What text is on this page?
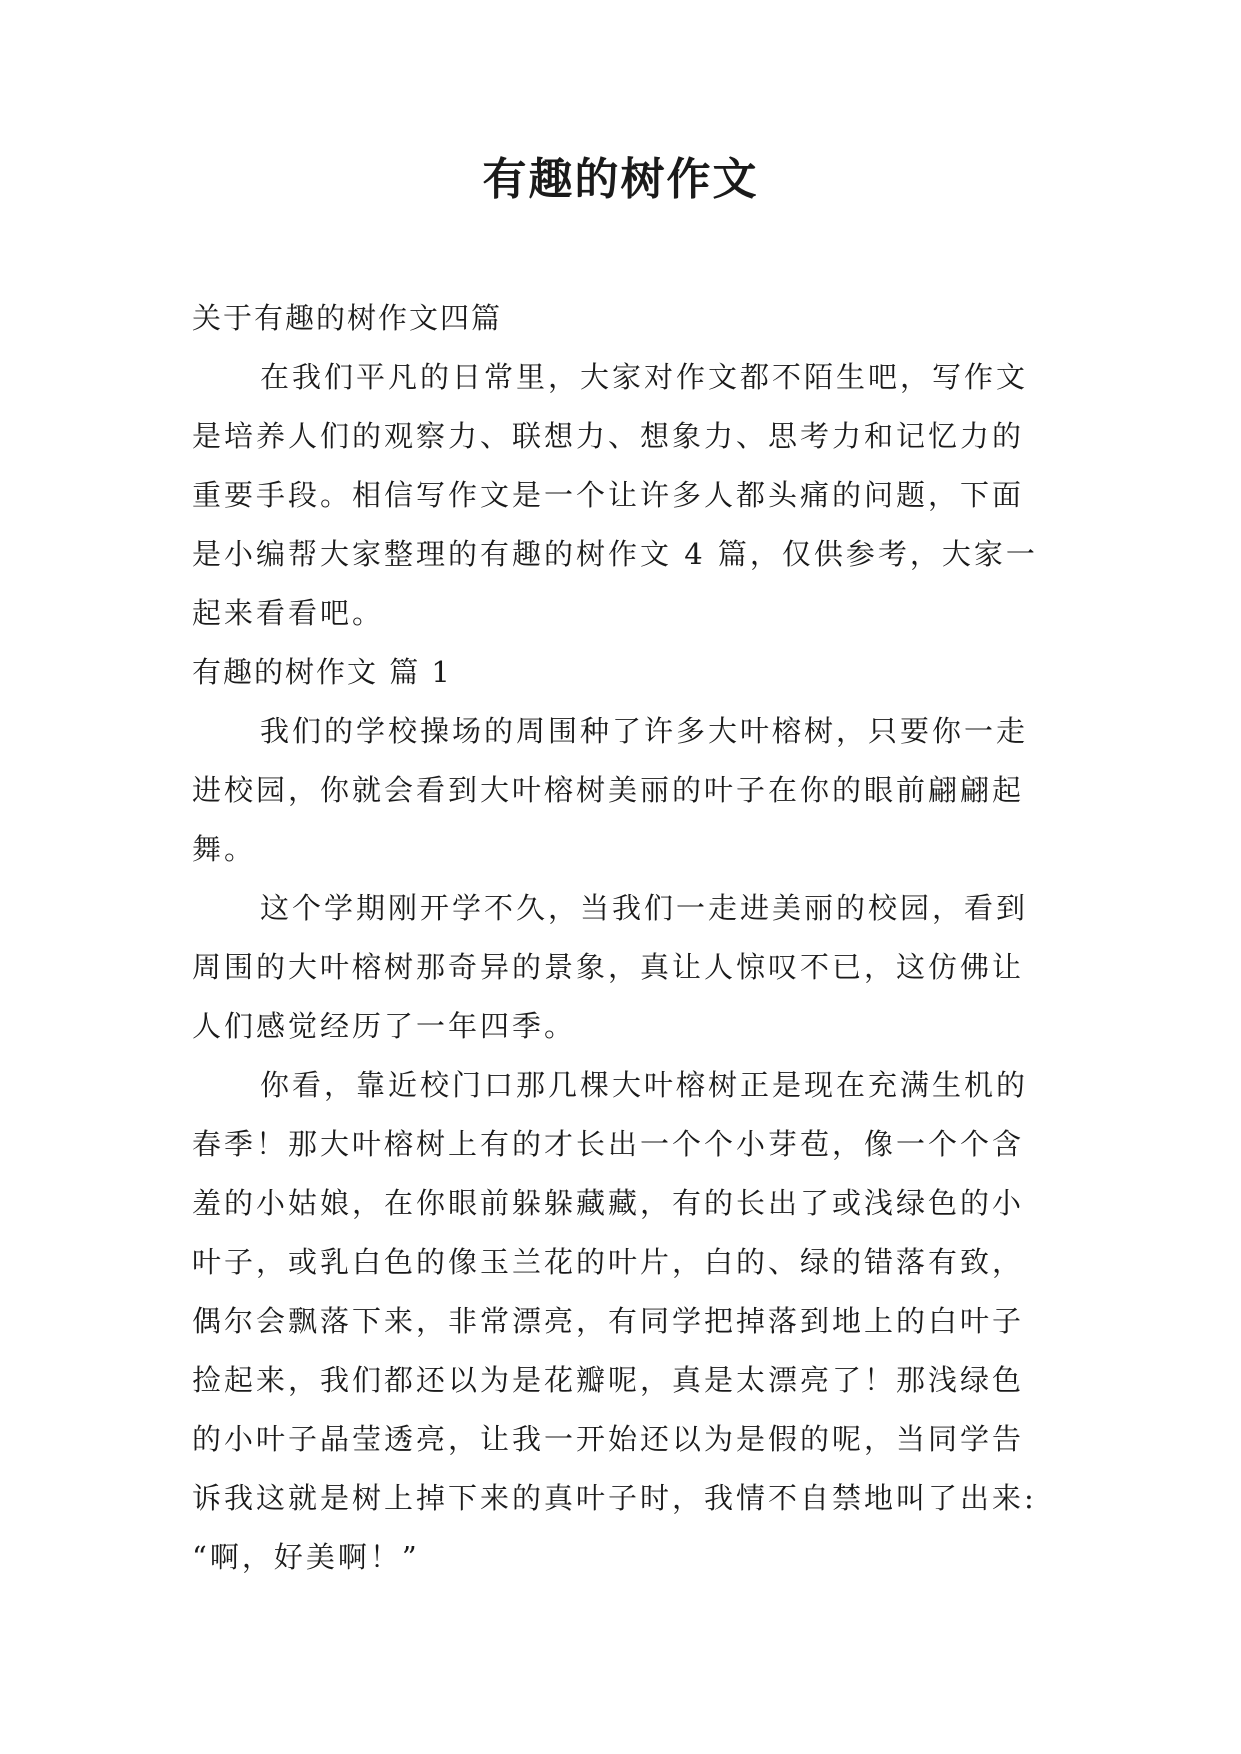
有趣的树作文
关于有趣的树作文四篇
在我们平凡的日常里，大家对作文都不陌生吧，写作文
是培养人们的观察力、联想力、想象力、思考力和记忆力的
重要手段。相信写作文是一个让许多人都头痛的问题，下面
是小编帮大家整理的有趣的树作文 4 篇，仅供参考，大家一
起来看看吧。
有趣的树作文 篇 1
我们的学校操场的周围种了许多大叶榕树，只要你一走
进校园，你就会看到大叶榕树美丽的叶子在你的眼前翩翩起
舞。
这个学期刚开学不久，当我们一走进美丽的校园，看到
周围的大叶榕树那奇异的景象，真让人惊叹不已，这仿佛让
人们感觉经历了一年四季。
你看，靠近校门口那几棵大叶榕树正是现在充满生机的
春季！那大叶榕树上有的才长出一个个小芽苞，像一个个含
羞的小姑娘，在你眼前躲躲藏藏，有的长出了或浅绿色的小
叶子，或乳白色的像玉兰花的叶片，白的、绿的错落有致，
偶尔会飘落下来，非常漂亮，有同学把掉落到地上的白叶子
捡起来，我们都还以为是花瓣呢，真是太漂亮了！那浅绿色
的小叶子晶莹透亮，让我一开始还以为是假的呢，当同学告
诉我这就是树上掉下来的真叶子时，我情不自禁地叫了出来:
“啊，好美啊！”
